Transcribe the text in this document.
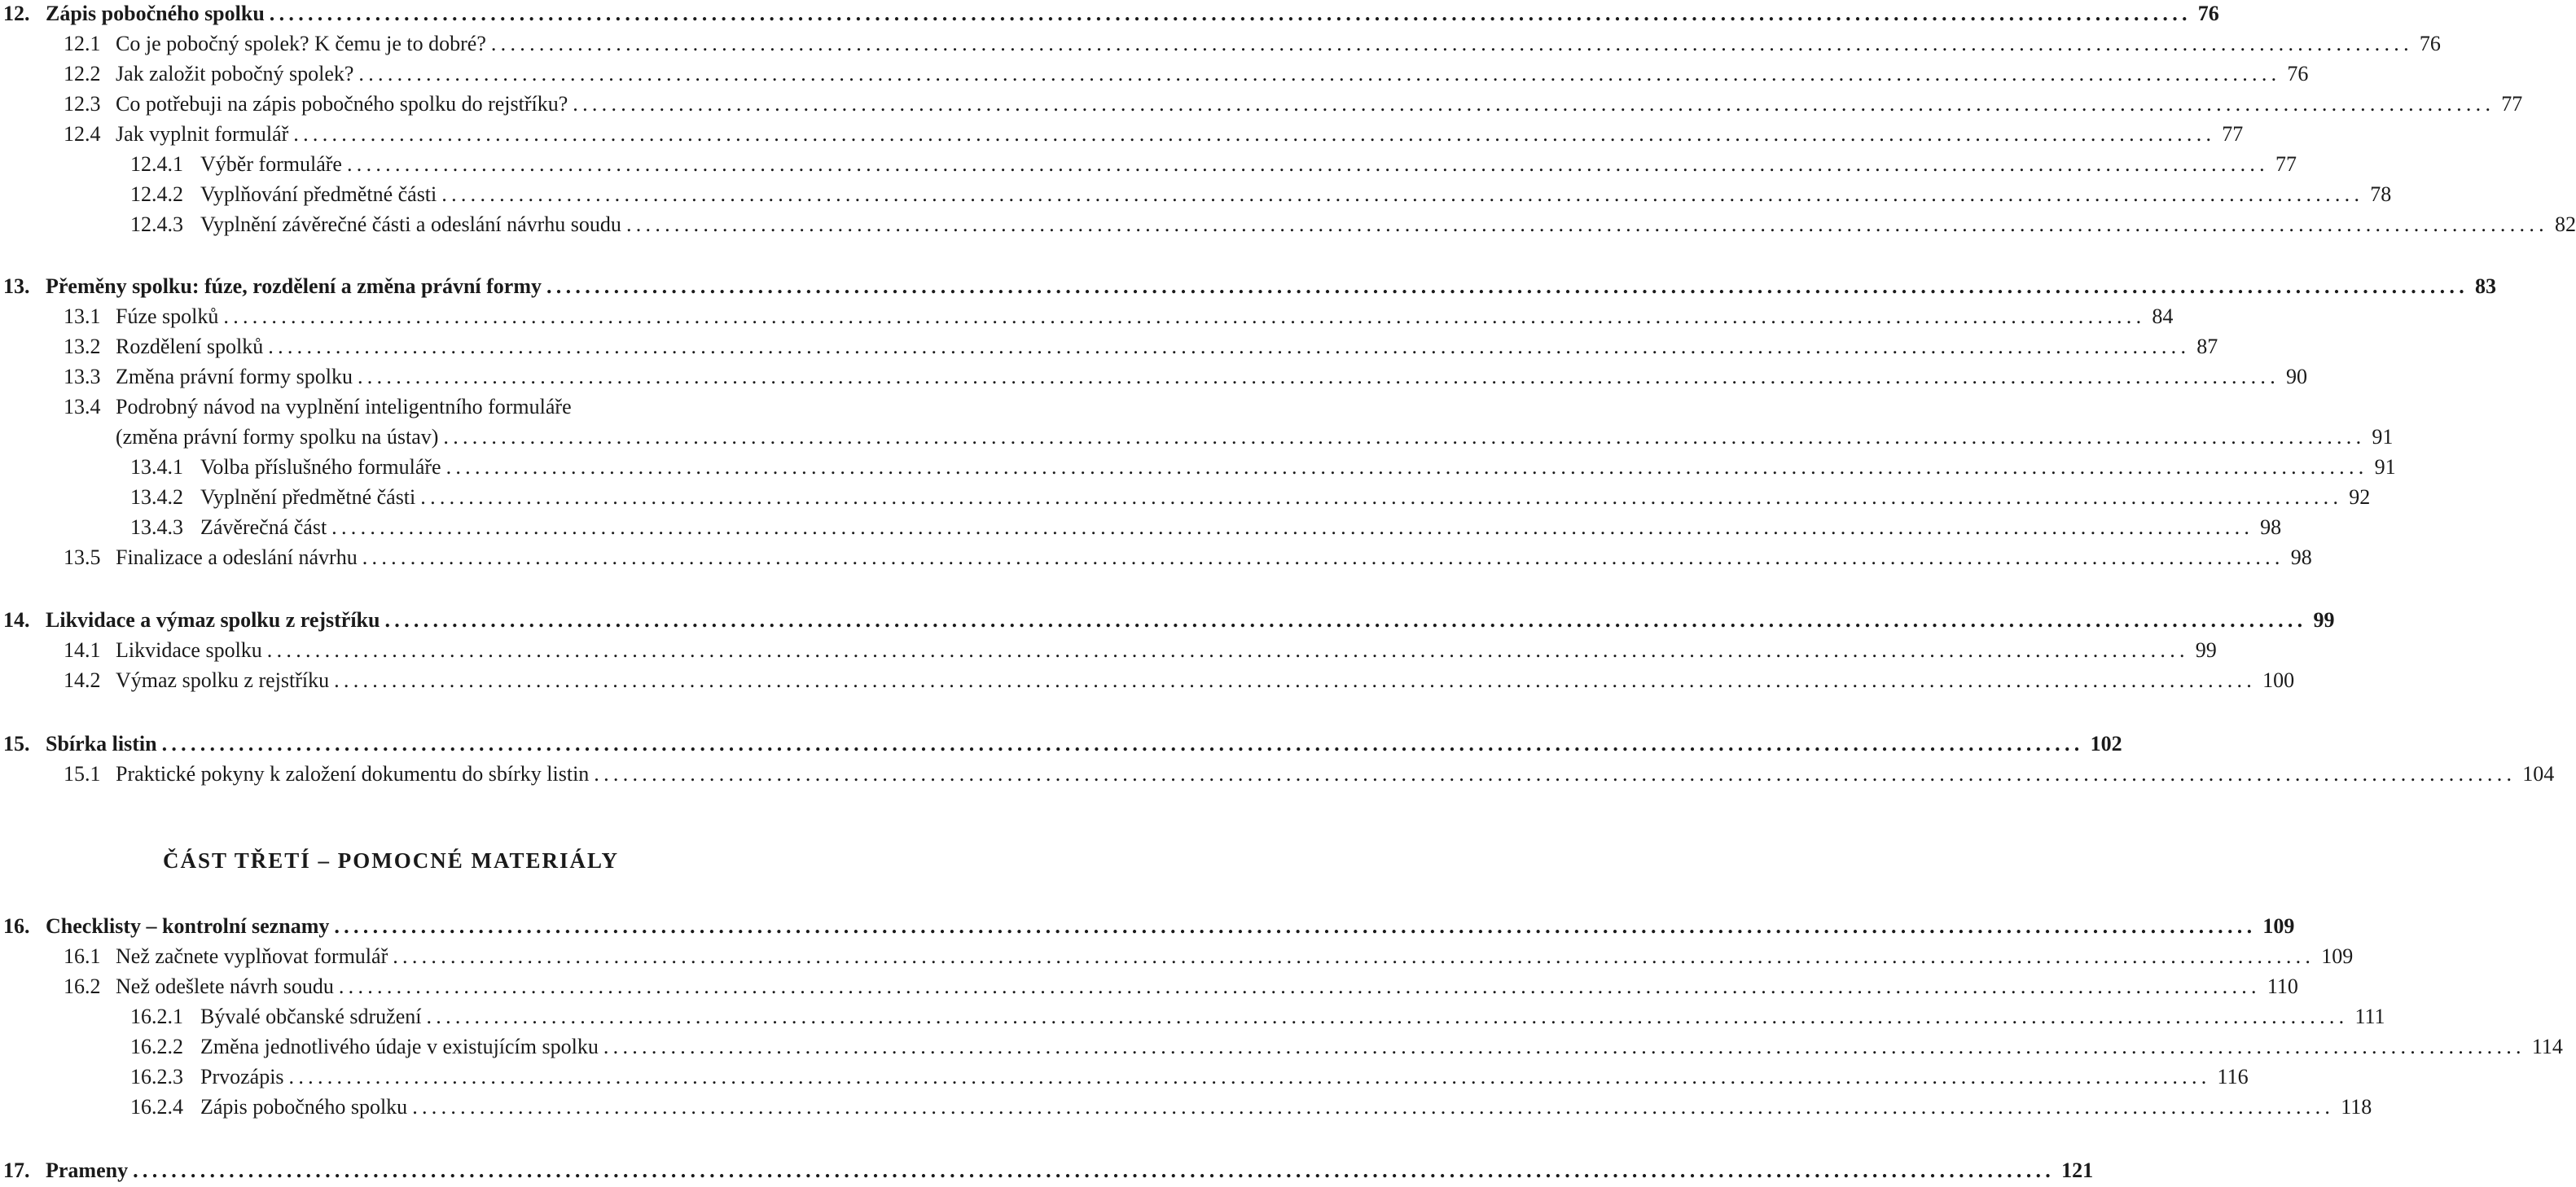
12. Zápis pobočného spolku ........................................................................................................................................................................................................ 76
12.1 Co je pobočný spolek? K čemu je to dobré? ........................................................................................................................................................................................................ 76
12.2 Jak založit pobočný spolek? ........................................................................................................................................................................................................ 76
12.3 Co potřebuji na zápis pobočného spolku do rejstříku? ........................................................................................................................................................................................................ 77
12.4 Jak vyplnit formulář ........................................................................................................................................................................................................ 77
12.4.1 Výběr formuláře ........................................................................................................................................................................................................ 77
12.4.2 Vyplňování předmětné části ........................................................................................................................................................................................................ 78
12.4.3 Vyplnění závěrečné části a odeslání návrhu soudu ........................................................................................................................................................................................................ 82
13. Přeměny spolku: fúze, rozdělení a změna právní formy ........................................................................................................................................................................................................ 83
13.1 Fúze spolků ........................................................................................................................................................................................................ 84
13.2 Rozdělení spolků ........................................................................................................................................................................................................ 87
13.3 Změna právní formy spolku ........................................................................................................................................................................................................ 90
13.4 Podrobný návod na vyplnění inteligentního formuláře
(změna právní formy spolku na ústav) ........................................................................................................................................................................................................ 91
13.4.1 Volba příslušného formuláře ........................................................................................................................................................................................................ 91
13.4.2 Vyplnění předmětné části ........................................................................................................................................................................................................ 92
13.4.3 Závěrečná část ........................................................................................................................................................................................................ 98
13.5 Finalizace a odeslání návrhu ........................................................................................................................................................................................................ 98
14. Likvidace a výmaz spolku z rejstříku ........................................................................................................................................................................................................ 99
14.1 Likvidace spolku ........................................................................................................................................................................................................ 99
14.2 Výmaz spolku z rejstříku ........................................................................................................................................................................................................ 100
15. Sbírka listin ........................................................................................................................................................................................................ 102
15.1 Praktické pokyny k založení dokumentu do sbírky listin ........................................................................................................................................................................................................ 104
16. Checklisty – kontrolní seznamy ........................................................................................................................................................................................................ 109
16.1 Než začnete vyplňovat formulář ........................................................................................................................................................................................................ 109
16.2 Než odešlete návrh soudu ........................................................................................................................................................................................................ 110
16.2.1 Bývalé občanské sdružení ........................................................................................................................................................................................................ 111
16.2.2 Změna jednotlivého údaje v existujícím spolku ........................................................................................................................................................................................................ 114
16.2.3 Prvozápis ........................................................................................................................................................................................................ 116
16.2.4 Zápis pobočného spolku ........................................................................................................................................................................................................ 118
17. Prameny ........................................................................................................................................................................................................ 121
ČÁST TŘETÍ – POMOCNÉ MATERIÁLY
